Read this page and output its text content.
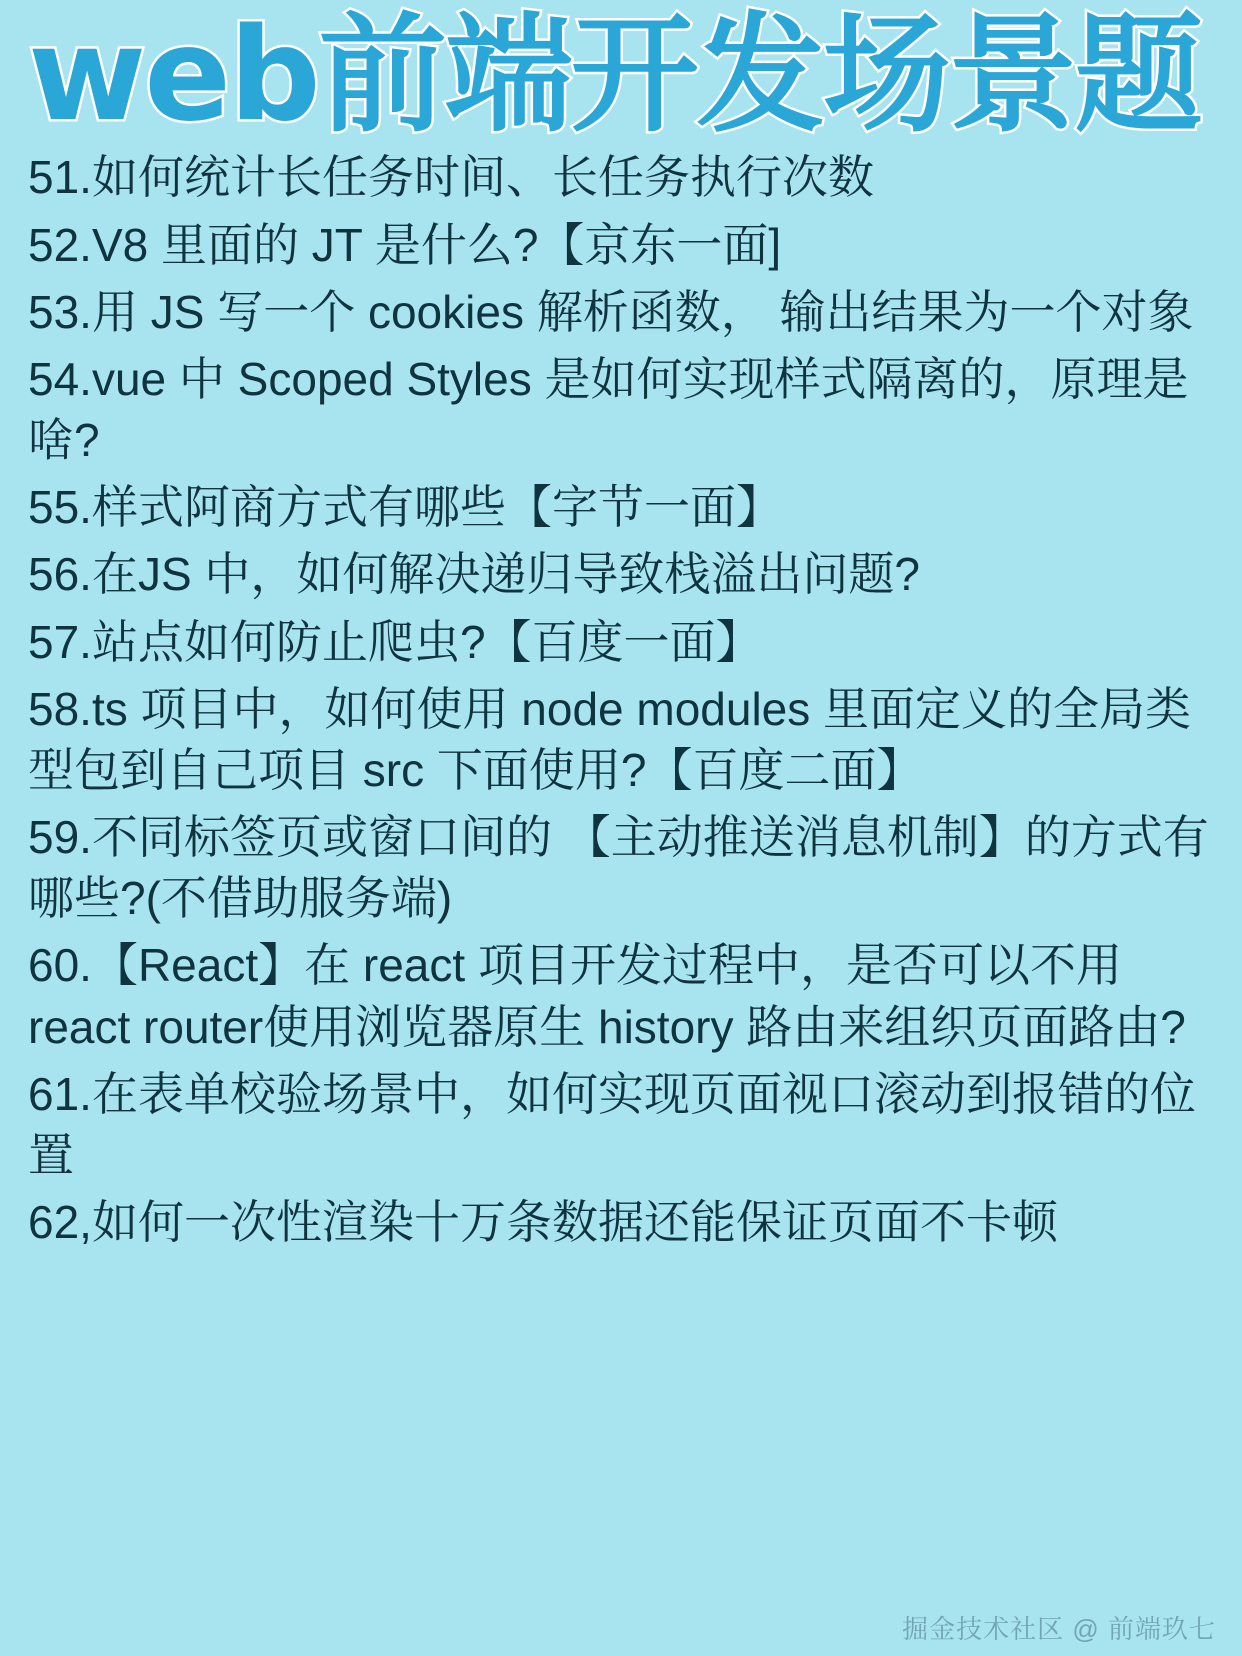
web前端开发场景题
51.如何统计长任务时间、长任务执行次数
52.V8 里面的 JT 是什么?【京东一面]
53.用 JS 写一个 cookies 解析函数， 输出结果为一个对象
54.vue 中 Scoped Styles 是如何实现样式隔离的，原理是啥?
55.样式阿商方式有哪些【字节一面】
56.在JS 中，如何解决递归导致栈溢出问题?
57.站点如何防止爬虫?【百度一面】
58.ts 项目中，如何使用 node modules 里面定义的全局类型包到自己项目 src 下面使用?【百度二面】
59.不同标签页或窗口间的 【主动推送消息机制】的方式有哪些?(不借助服务端)
60.【React】在 react 项目开发过程中，是否可以不用 react router使用浏览器原生 history 路由来组织页面路由?
61.在表单校验场景中，如何实现页面视口滚动到报错的位置
62,如何一次性渲染十万条数据还能保证页面不卡顿
掘金技术社区 @ 前端玖七
